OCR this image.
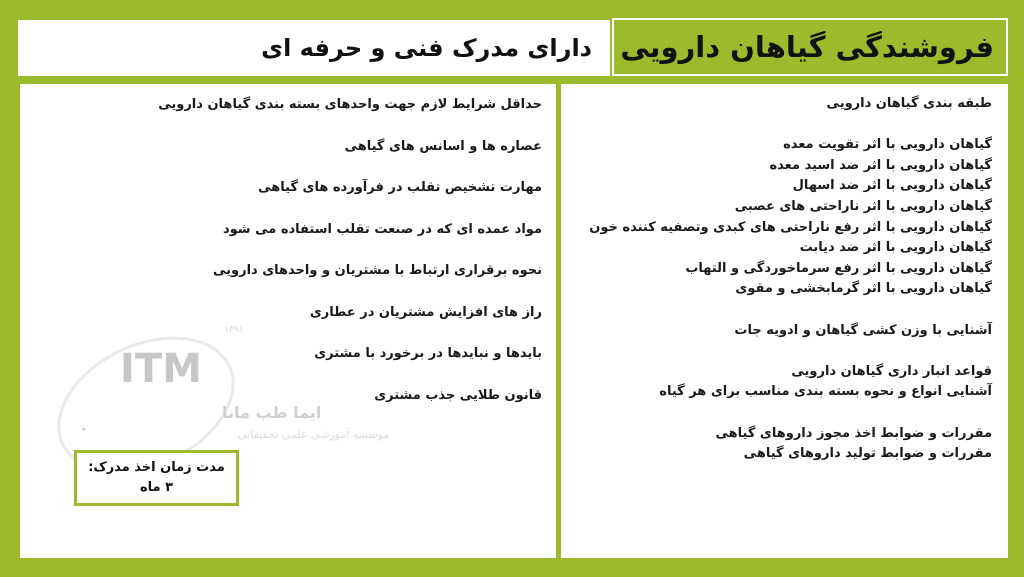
فروشندگی گیاهان دارویی
دارای مدرک فنی و حرفه ای
۱۳۹۱
ITM
ایما طب مانا
موسسه آموزشی علمی تحقیقاتی
حداقل شرایط لازم جهت واحدهای بسته بندی گیاهان دارویی
عصاره ها و اسانس های گیاهی
مهارت تشخیص تقلب در فرآورده های گیاهی
مواد عمده ای که در صنعت تقلب استفاده می شود
نحوه برقراری ارتباط با مشتریان و واحدهای دارویی
راز های افزایش مشتریان در عطاری
بایدها و نبایدها در برخورد با مشتری
قانون طلایی جذب مشتری
-
مدت زمان اخذ مدرک:
۳ ماه
طبقه بندی گیاهان دارویی
گیاهان دارویی با اثر تقویت معده
گیاهان دارویی با اثر ضد اسید معده
گیاهان دارویی با اثر ضد اسهال
گیاهان دارویی با اثر ناراحتی های عصبی
گیاهان دارویی با اثر رفع ناراحتی های کبدی وتصفیه کننده خون
گیاهان دارویی با اثر ضد دیابت
گیاهان دارویی با اثر رفع سرماخوردگی و التهاب
گیاهان دارویی با اثر گرمابخشی و مقوی
آشنایی با وزن کشی گیاهان و ادویه جات
قواعد انبار داری گیاهان دارویی
آشنایی انواع و نحوه بسته بندی مناسب برای هر گیاه
مقررات و ضوابط اخذ مجوز داروهای گیاهی
مقررات و ضوابط تولید داروهای گیاهی
